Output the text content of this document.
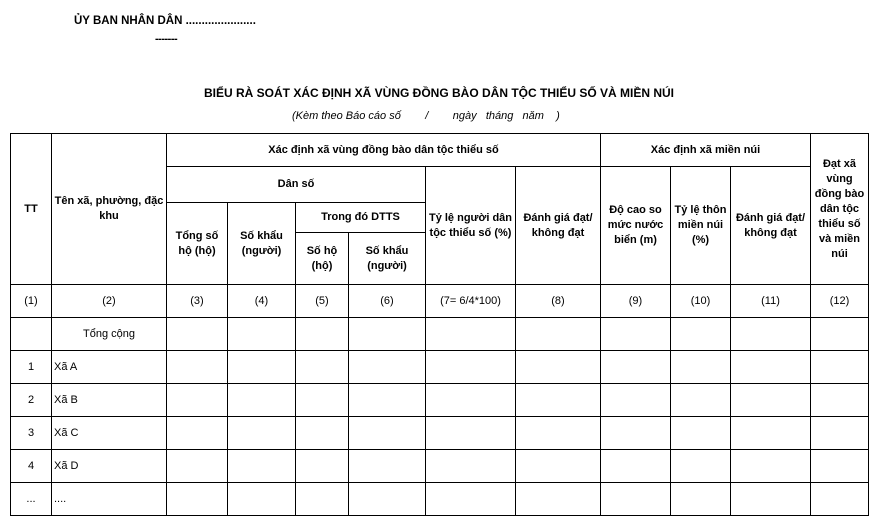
ỦY BAN NHÂN DÂN ......................
-------
BIỂU RÀ SOÁT XÁC ĐỊNH XÃ VÙNG ĐỒNG BÀO DÂN TỘC THIỂU SỐ VÀ MIỀN NÚI
(Kèm theo Báo cáo số        /        ngày   tháng   năm    )
TT	Tên xã, phường, đặc khu	Xác định xã vùng đồng bào dân tộc thiểu số						Xác định xã miền núi			Đạt xã vùng đồng bào dân tộc thiểu số và miền núi
		Dân số				Tỷ lệ người dân tộc thiểu số (%)	Đánh giá đạt/ không đạt	Độ cao so mức nước biển (m)	Tỷ lệ thôn miền núi (%)	Đánh giá đạt/ không đạt	
		Tổng số hộ (hộ)	Số khẩu (người)	Trong đó DTTS							
				Số hộ (hộ)	Số khẩu (người)						
(1)	(2)	(3)	(4)	(5)	(6)	(7= 6/4*100)	(8)	(9)	(10)	(11)	(12)
	Tổng cộng										
1	Xã A										
2	Xã B										
3	Xã C										
4	Xã D										
...	....										
